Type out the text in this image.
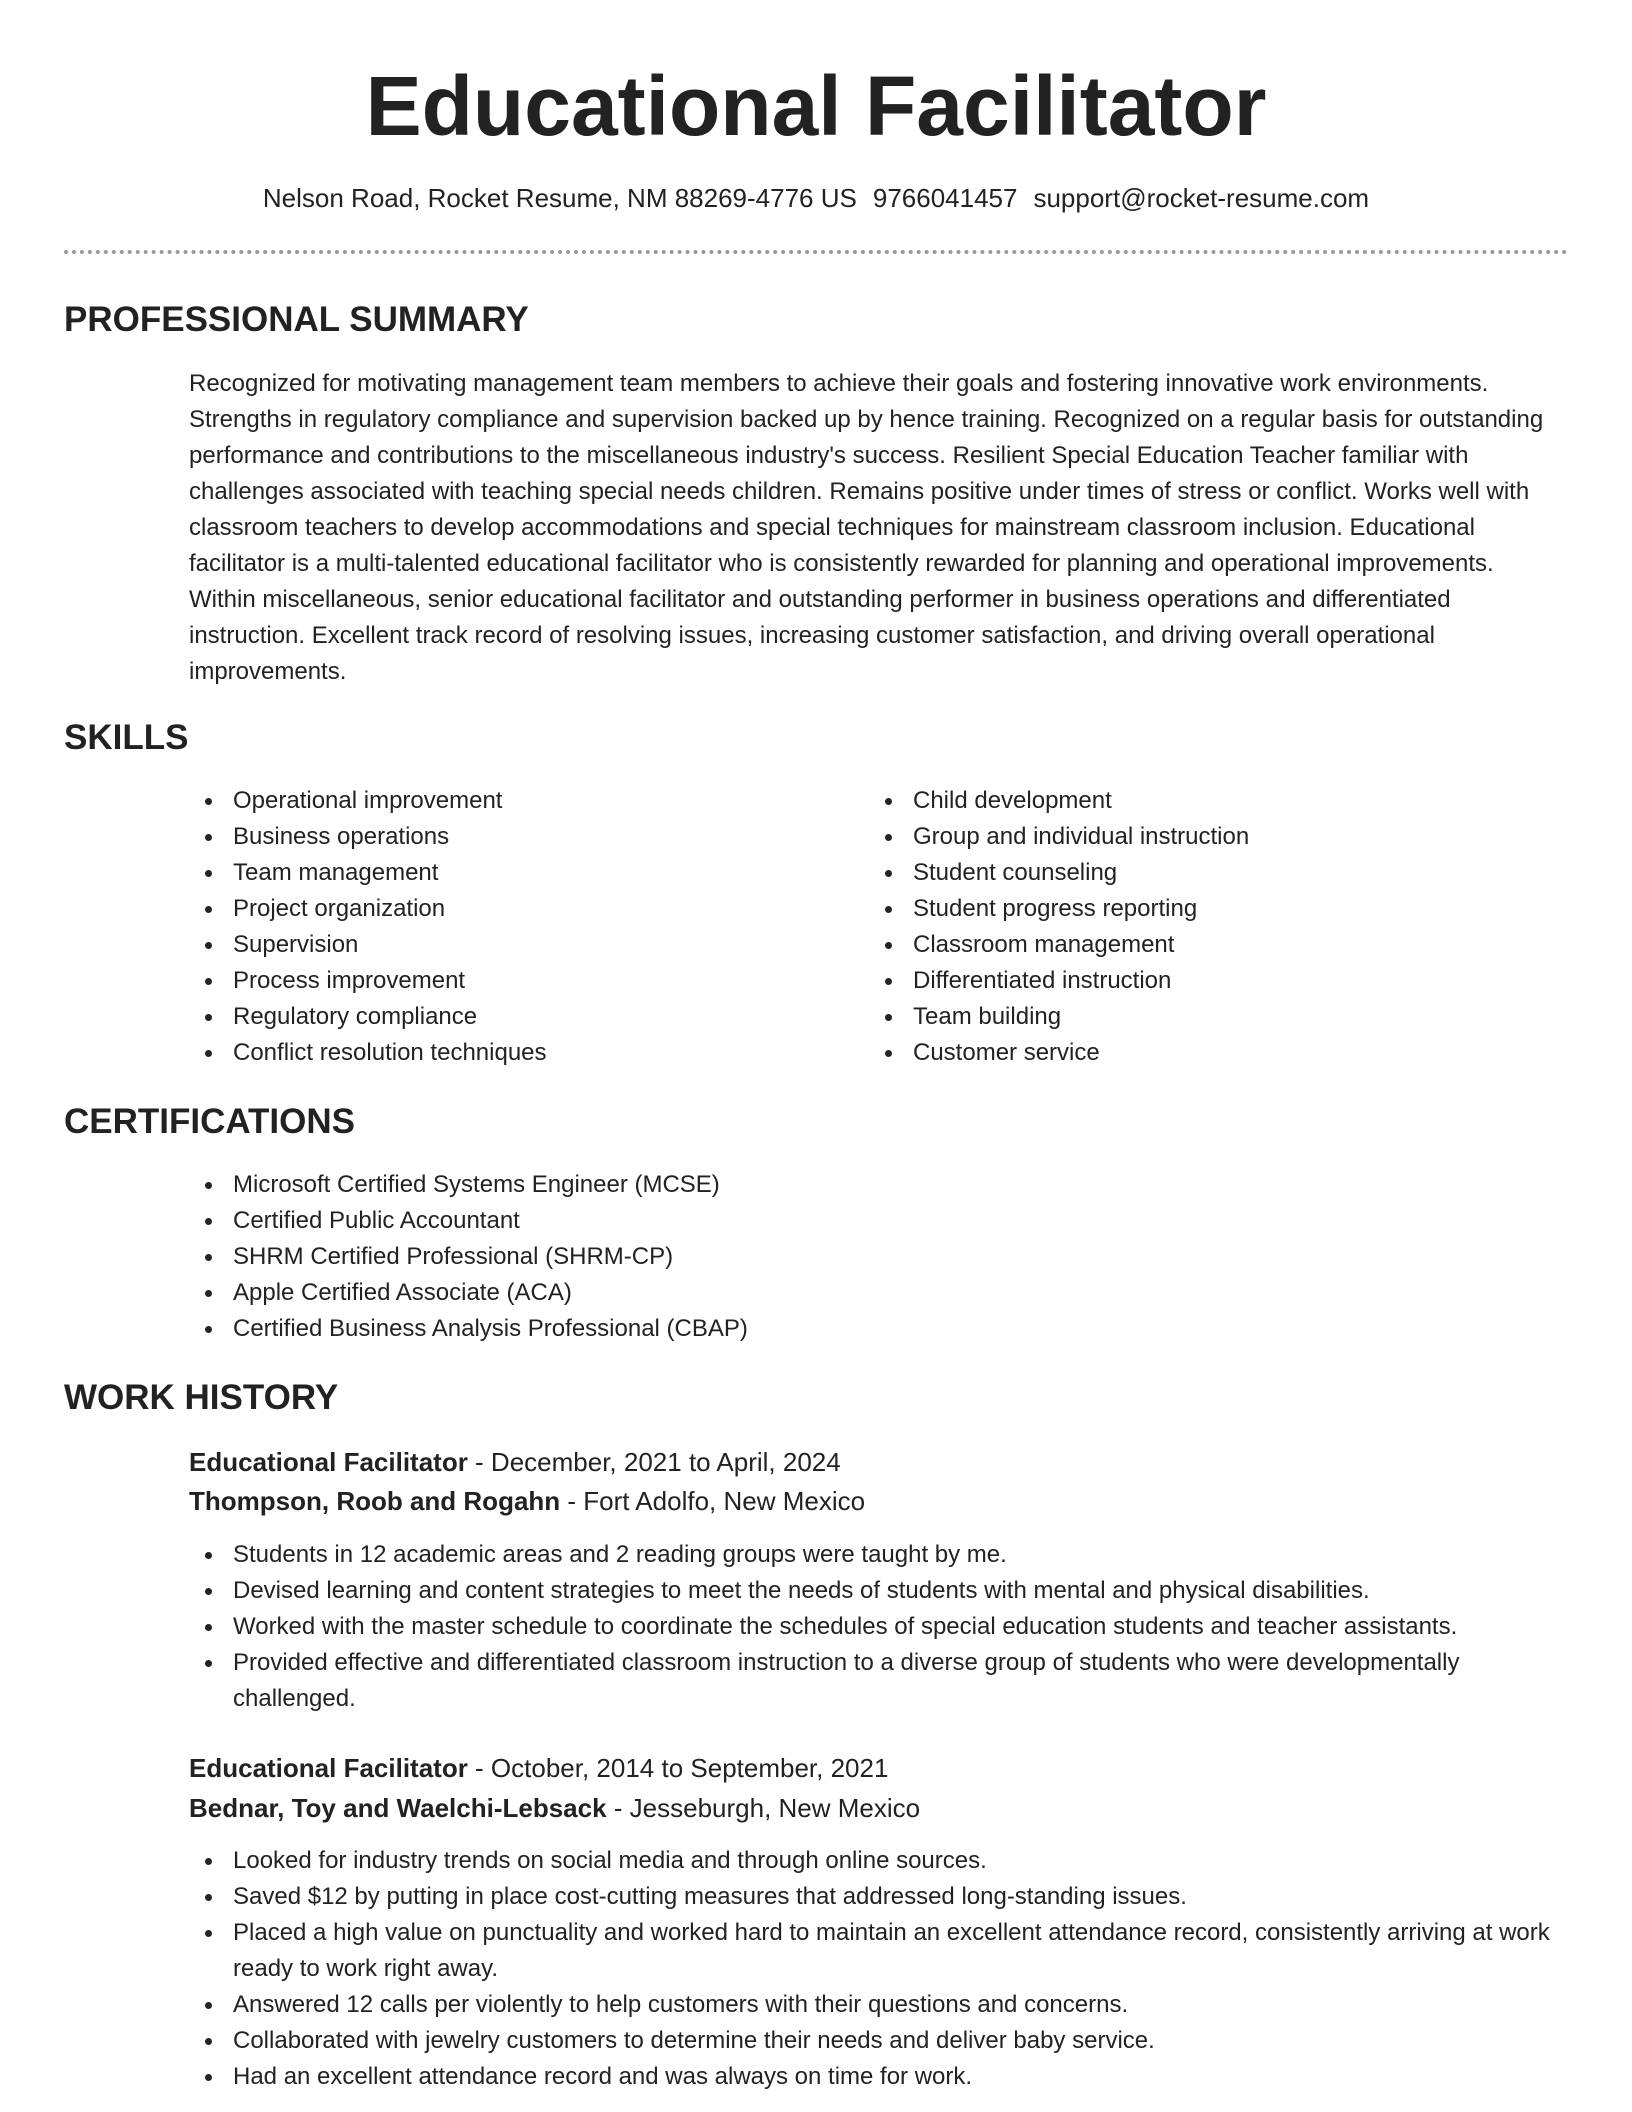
Educational Facilitator
Nelson Road, Rocket Resume, NM 88269-4776 US 9766041457 support@rocket-resume.com
PROFESSIONAL SUMMARY

Recognized for motivating management team members to achieve their goals and fostering innovative work environments. Strengths in regulatory compliance and supervision backed up by hence training. Recognized on a regular basis for outstanding performance and contributions to the miscellaneous industry's success. Resilient Special Education Teacher familiar with challenges associated with teaching special needs children. Remains positive under times of stress or conflict. Works well with classroom teachers to develop accommodations and special techniques for mainstream classroom inclusion. Educational facilitator is a multi-talented educational facilitator who is consistently rewarded for planning and operational improvements. Within miscellaneous, senior educational facilitator and outstanding performer in business operations and differentiated instruction. Excellent track record of resolving issues, increasing customer satisfaction, and driving overall operational improvements.

SKILLS
Operational improvement
Business operations
Team management
Project organization
Supervision
Process improvement
Regulatory compliance
Conflict resolution techniques
Child development
Group and individual instruction
Student counseling
Student progress reporting
Classroom management
Differentiated instruction
Team building
Customer service
CERTIFICATIONS
Microsoft Certified Systems Engineer (MCSE)
Certified Public Accountant
SHRM Certified Professional (SHRM-CP)
Apple Certified Associate (ACA)
Certified Business Analysis Professional (CBAP)
WORK HISTORY
Educational Facilitator - December, 2021 to April, 2024
Thompson, Roob and Rogahn - Fort Adolfo, New Mexico
Students in 12 academic areas and 2 reading groups were taught by me.
Devised learning and content strategies to meet the needs of students with mental and physical disabilities.
Worked with the master schedule to coordinate the schedules of special education students and teacher assistants.
Provided effective and differentiated classroom instruction to a diverse group of students who were developmentally challenged.
Educational Facilitator - October, 2014 to September, 2021
Bednar, Toy and Waelchi-Lebsack - Jesseburgh, New Mexico
Looked for industry trends on social media and through online sources.
Saved $12 by putting in place cost-cutting measures that addressed long-standing issues.
Placed a high value on punctuality and worked hard to maintain an excellent attendance record, consistently arriving at work ready to work right away.
Answered 12 calls per violently to help customers with their questions and concerns.
Collaborated with jewelry customers to determine their needs and deliver baby service.
Had an excellent attendance record and was always on time for work.
